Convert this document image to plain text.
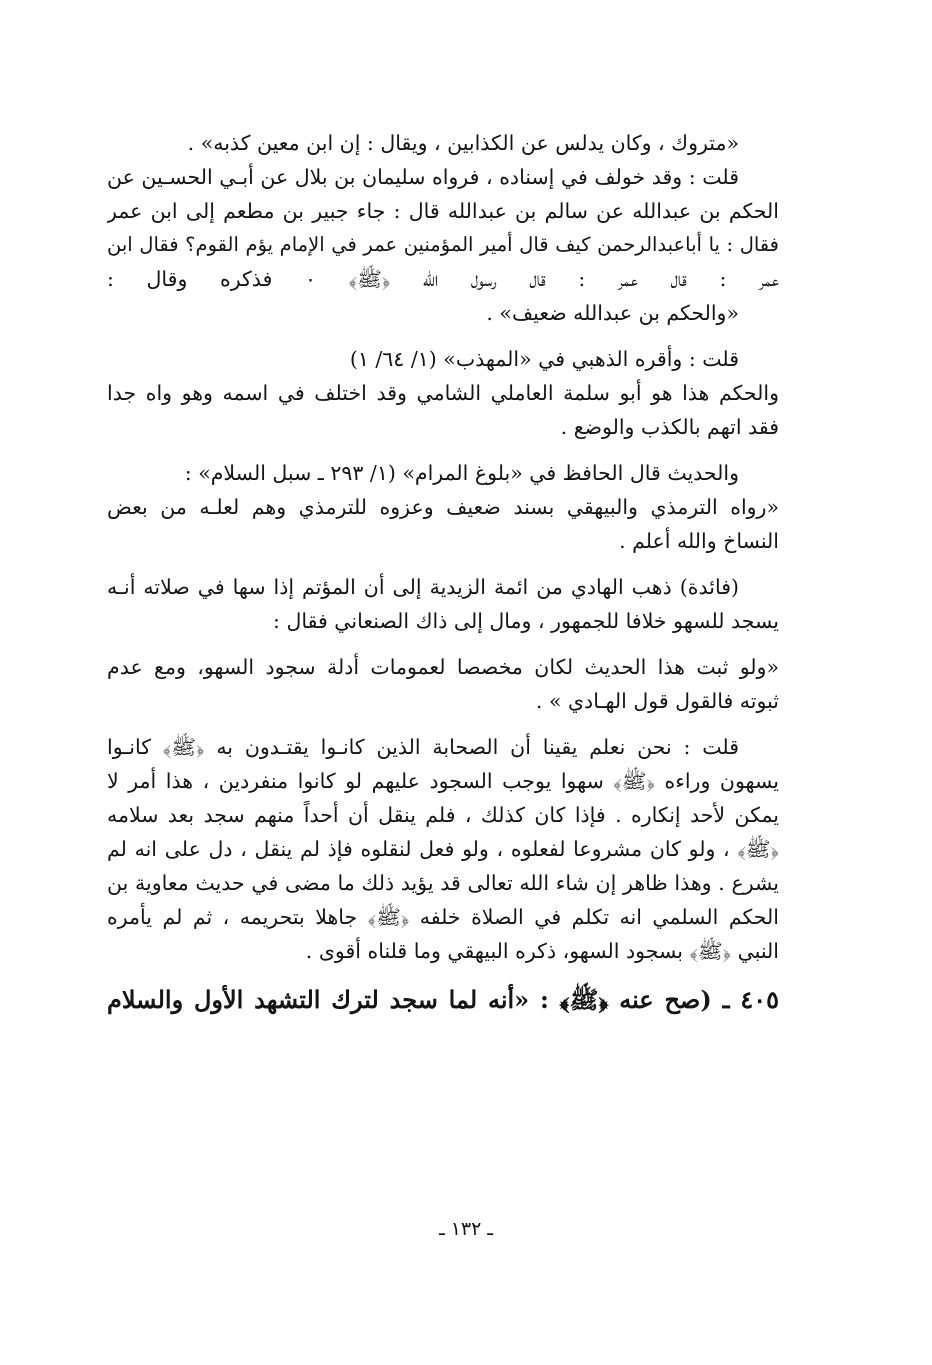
«متروك ، وكان يدلس عن الكذابين ، ويقال : إن ابن معين كذبه» .
قلت : وقد خولف في إسناده ، فرواه سليمان بن بلال عن أبـي الحسـين عن
الحكم بن عبدالله عن سالم بن عبدالله قال : جاء جبير بن مطعم إلى ابن عمر
فقال : يا أباعبدالرحمن كيف قال أمير المؤمنين عمر في الإمام يؤم القوم؟ فقال ابن
عمر : قال عمر : قال رسول الله ﴿ﷺ﴾ ٠ فذكره وقال :
«والحكم بن عبدالله ضعيف» .
قلت : وأقره الذهبي في «المهذب» (١/ ٦٤/ ١)
والحكم هذا هو أبو سلمة العاملي الشامي وقد اختلف في اسمه وهو واه جدا
فقد اتهم بالكذب والوضع .
والحديث قال الحافظ في «بلوغ المرام» (١/ ٢٩٣ ـ سبل السلام» :
«رواه الترمذي والبيهقي بسند ضعيف وعزوه للترمذي وهم لعلـه من بعض
النساخ والله أعلم .
(فائدة) ذهب الهادي من ائمة الزيدية إلى أن المؤتم إذا سها في صلاته أنـه
يسجد للسهو خلافا للجمهور ، ومال إلى ذاك الصنعاني فقال :
«ولو ثبت هذا الحديث لكان مخصصا لعمومات أدلة سجود السهو، ومع عدم
ثبوته فالقول قول الهـادي » .
قلت : نحن نعلم يقينا أن الصحابة الذين كانـوا يقتـدون به ﴿ﷺ﴾ كانـوا
يسهون وراءه ﴿ﷺ﴾ سهوا يوجب السجود عليهم لو كانوا منفردين ، هذا أمر لا
يمكن لأحد إنكاره . فإذا كان كذلك ، فلم ينقل أن أحداً منهم سجد بعد سلامه
﴿ﷺ﴾ ، ولو كان مشروعا لفعلوه ، ولو فعل لنقلوه فإذ لم ينقل ، دل على انه لم
يشرع . وهذا ظاهر إن شاء الله تعالى قد يؤيد ذلك ما مضى في حديث معاوية بن
الحكم السلمي انه تكلم في الصلاة خلفه ﴿ﷺ﴾ جاهلا بتحريمه ، ثم لم يأمره
النبي ﴿ﷺ﴾ بسجود السهو، ذكره البيهقي وما قلناه أقوى .
٤٠٥ ـ (صح عنه ﴿ﷺ﴾ : «أنه لما سجد لترك التشهد الأول والسلام
ـ ١٣٢ ـ
